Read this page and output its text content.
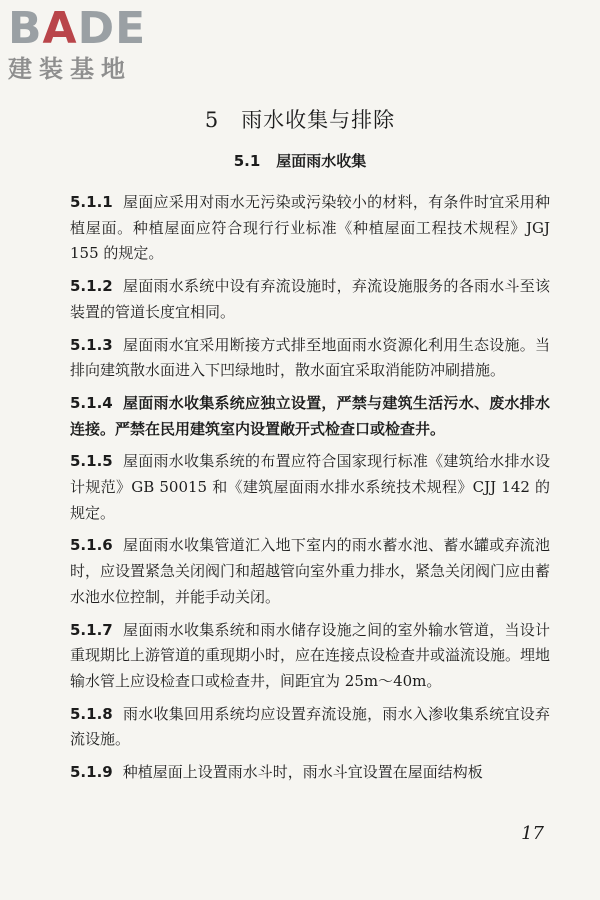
BADE
建装基地
5 雨水收集与排除
5.1 屋面雨水收集

5.1.1 屋面应采用对雨水无污染或污染较小的材料，有条件时宜采用种植屋面。种植屋面应符合现行行业标准《种植屋面工程技术规程》JGJ 155 的规定。

5.1.2 屋面雨水系统中设有弃流设施时，弃流设施服务的各雨水斗至该装置的管道长度宜相同。

5.1.3 屋面雨水宜采用断接方式排至地面雨水资源化利用生态设施。当排向建筑散水面进入下凹绿地时，散水面宜采取消能防冲刷措施。

5.1.4 屋面雨水收集系统应独立设置，严禁与建筑生活污水、废水排水连接。严禁在民用建筑室内设置敞开式检查口或检查井。

5.1.5 屋面雨水收集系统的布置应符合国家现行标准《建筑给水排水设计规范》GB 50015 和《建筑屋面雨水排水系统技术规程》CJJ 142 的规定。

5.1.6 屋面雨水收集管道汇入地下室内的雨水蓄水池、蓄水罐或弃流池时，应设置紧急关闭阀门和超越管向室外重力排水，紧急关闭阀门应由蓄水池水位控制，并能手动关闭。

5.1.7 屋面雨水收集系统和雨水储存设施之间的室外输水管道，当设计重现期比上游管道的重现期小时，应在连接点设检查井或溢流设施。埋地输水管上应设检查口或检查井，间距宜为 25m～40m。

5.1.8 雨水收集回用系统均应设置弃流设施，雨水入渗收集系统宜设弃流设施。

5.1.9 种植屋面上设置雨水斗时，雨水斗宜设置在屋面结构板

17
